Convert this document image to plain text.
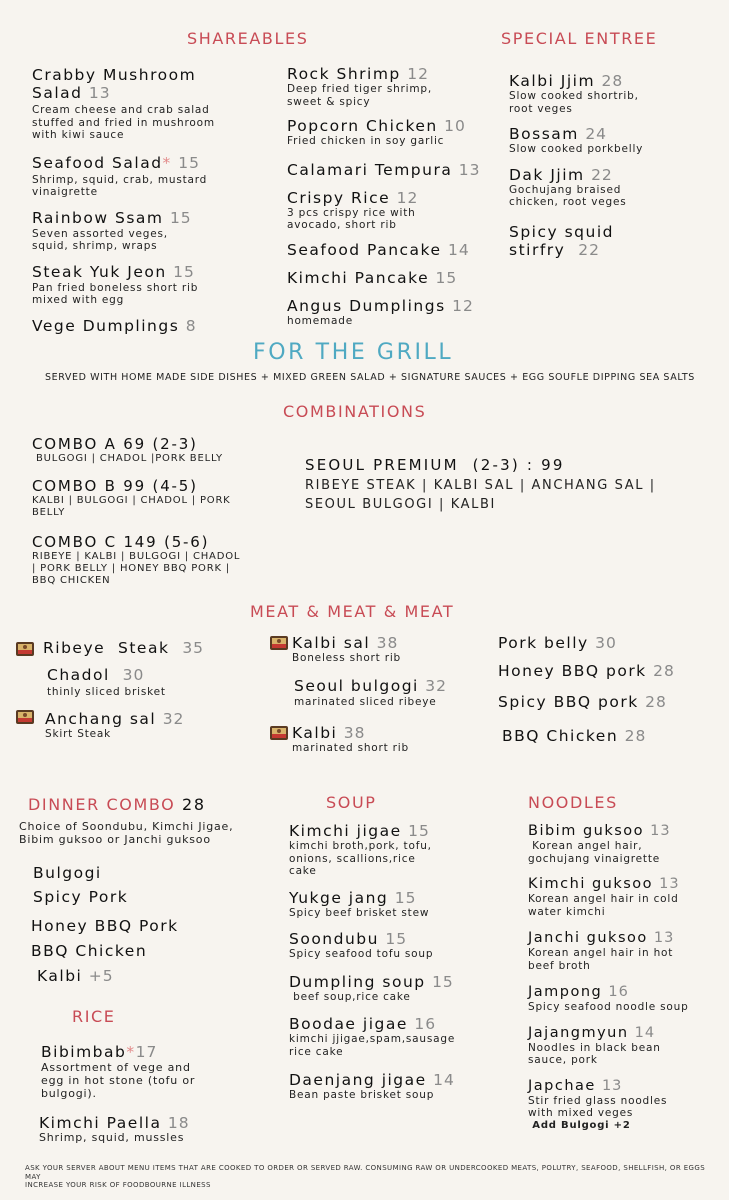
SHAREABLES
Crabby Mushroom
Salad 13
Cream cheese and crab salad
stuffed and fried in mushroom
with kiwi sauce
Seafood Salad* 15
Shrimp, squid, crab, mustard
vinaigrette
Rainbow Ssam 15
Seven assorted veges,
squid, shrimp, wraps
Steak Yuk Jeon 15
Pan fried boneless short rib
mixed with egg
Vege Dumplings 8
Rock Shrimp 12
Deep fried tiger shrimp,
sweet & spicy
Popcorn Chicken 10
Fried chicken in soy garlic
Calamari Tempura 13
Crispy Rice 12
3 pcs crispy rice with
avocado, short rib
Seafood Pancake 14
Kimchi Pancake 15
Angus Dumplings 12
homemade
SPECIAL ENTREE
Kalbi Jjim 28
Slow cooked shortrib,
root veges
Bossam 24
Slow cooked porkbelly
Dak Jjim 22
Gochujang braised
chicken, root veges
Spicy squid
stirfry 22
FOR THE GRILL
SERVED WITH HOME MADE SIDE DISHES + MIXED GREEN SALAD + SIGNATURE SAUCES + EGG SOUFLE DIPPING SEA SALTS
COMBINATIONS
COMBO A 69 (2-3)
BULGOGI | CHADOL |PORK BELLY
COMBO B 99 (4-5)
KALBI | BULGOGI | CHADOL | PORK
BELLY
COMBO C 149 (5-6)
RIBEYE | KALBI | BULGOGI | CHADOL
| PORK BELLY | HONEY BBQ PORK |
BBQ CHICKEN
SEOUL PREMIUM  (2-3) : 99
RIBEYE STEAK | KALBI SAL | ANCHANG SAL |
SEOUL BULGOGI | KALBI
MEAT & MEAT & MEAT
Ribeye  Steak 35
Chadol 30
thinly sliced brisket
Anchang sal 32
Skirt Steak
Kalbi sal 38
Boneless short rib
Seoul bulgogi 32
marinated sliced ribeye
Kalbi 38
marinated short rib
Pork belly 30
Honey BBQ pork 28
Spicy BBQ pork 28
BBQ Chicken 28
DINNER COMBO 28
Choice of Soondubu, Kimchi Jigae,
Bibim guksoo or Janchi guksoo
Bulgogi
Spicy Pork
Honey BBQ Pork
BBQ Chicken
Kalbi +5
RICE
Bibimbab*17
Assortment of vege and
egg in hot stone (tofu or
bulgogi).
Kimchi Paella 18
Shrimp, squid, mussles
SOUP
Kimchi jigae 15
kimchi broth,pork, tofu,
onions, scallions,rice
cake
Yukge jang 15
Spicy beef brisket stew
Soondubu 15
Spicy seafood tofu soup
Dumpling soup 15
beef soup,rice cake
Boodae jigae 16
kimchi jjigae,spam,sausage
rice cake
Daenjang jigae 14
Bean paste brisket soup
NOODLES
Bibim guksoo 13
Korean angel hair,
gochujang vinaigrette
Kimchi guksoo 13
Korean angel hair in cold
water kimchi
Janchi guksoo 13
Korean angel hair in hot
beef broth
Jampong 16
Spicy seafood noodle soup
Jajangmyun 14
Noodles in black bean
sauce, pork
Japchae 13
Stir fried glass noodles
with mixed veges
Add Bulgogi +2
ASK YOUR SERVER ABOUT MENU ITEMS THAT ARE COOKED TO ORDER OR SERVED RAW. CONSUMING RAW OR UNDERCOOKED MEATS, POLUTRY, SEAFOOD, SHELLFISH, OR EGGS MAY
INCREASE YOUR RISK OF FOODBOURNE ILLNESS
